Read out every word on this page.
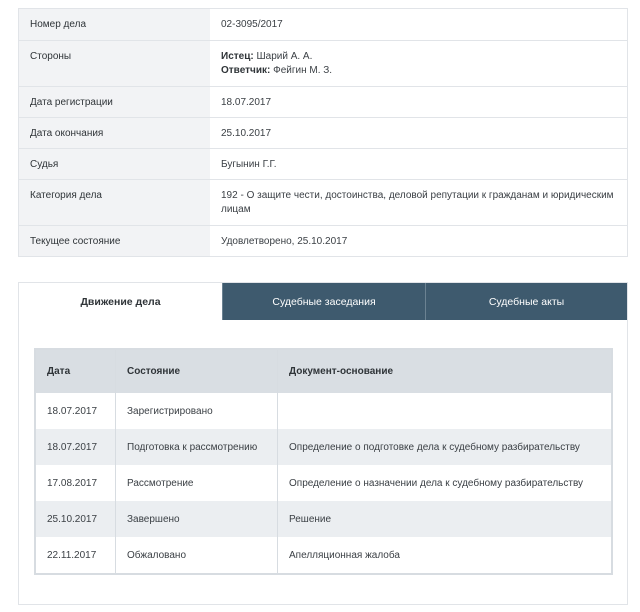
Номер дела	02-3095/2017
Стороны	Истец: Шарий А. А.
Ответчик: Фейгин М. З.
Дата регистрации	18.07.2017
Дата окончания	25.10.2017
Судья	Бугынин Г.Г.
Категория дела	192 - О защите чести, достоинства, деловой репутации к гражданам и юридическим лицам
Текущее состояние	Удовлетворено, 25.10.2017
Движение дела	Судебные заседания	Судебные акты
Дата	Состояние	Документ-основание
18.07.2017	Зарегистрировано
18.07.2017	Подготовка к рассмотрению	Определение о подготовке дела к судебному разбирательству
17.08.2017	Рассмотрение	Определение о назначении дела к судебному разбирательству
25.10.2017	Завершено	Решение
22.11.2017	Обжаловано	Апелляционная жалоба
